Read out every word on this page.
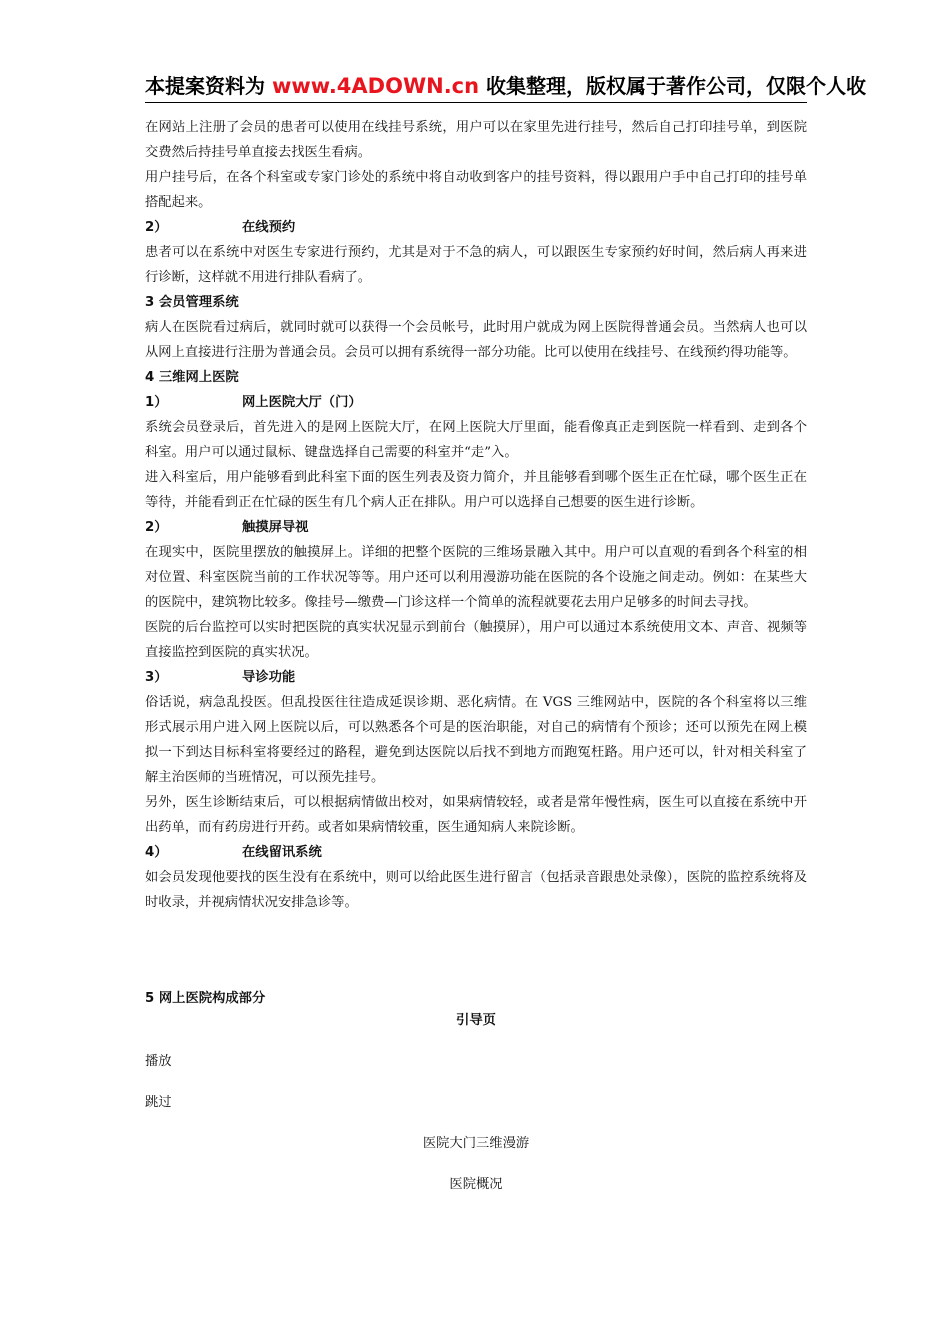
本提案资料为 www.4ADOWN.cn 收集整理，版权属于著作公司，仅限个人收

在网站上注册了会员的患者可以使用在线挂号系统，用户可以在家里先进行挂号，然后自己打印挂号单，到医院交费然后持挂号单直接去找医生看病。

用户挂号后，在各个科室或专家门诊处的系统中将自动收到客户的挂号资料，得以跟用户手中自己打印的挂号单搭配起来。

2）	在线预约

患者可以在系统中对医生专家进行预约，尤其是对于不急的病人，可以跟医生专家预约好时间，然后病人再来进行诊断，这样就不用进行排队看病了。

3 会员管理系统

病人在医院看过病后，就同时就可以获得一个会员帐号，此时用户就成为网上医院得普通会员。当然病人也可以从网上直接进行注册为普通会员。会员可以拥有系统得一部分功能。比可以使用在线挂号、在线预约得功能等。

4 三维网上医院

1）	网上医院大厅（门）

系统会员登录后，首先进入的是网上医院大厅，在网上医院大厅里面，能看像真正走到医院一样看到、走到各个科室。用户可以通过鼠标、键盘选择自己需要的科室并“走”入。

进入科室后，用户能够看到此科室下面的医生列表及资力简介，并且能够看到哪个医生正在忙碌，哪个医生正在等待，并能看到正在忙碌的医生有几个病人正在排队。用户可以选择自己想要的医生进行诊断。

2）	触摸屏导视

在现实中，医院里摆放的触摸屏上。详细的把整个医院的三维场景融入其中。用户可以直观的看到各个科室的相对位置、科室医院当前的工作状况等等。用户还可以利用漫游功能在医院的各个设施之间走动。例如：在某些大的医院中，建筑物比较多。像挂号—缴费—门诊这样一个简单的流程就要花去用户足够多的时间去寻找。

医院的后台监控可以实时把医院的真实状况显示到前台（触摸屏），用户可以通过本系统使用文本、声音、视频等直接监控到医院的真实状况。

3）	导诊功能

俗话说，病急乱投医。但乱投医往往造成延误诊期、恶化病情。在 VGS 三维网站中，医院的各个科室将以三维形式展示用户进入网上医院以后，可以熟悉各个可是的医治职能，对自己的病情有个预诊；还可以预先在网上模拟一下到达目标科室将要经过的路程，避免到达医院以后找不到地方而跑冤枉路。用户还可以，针对相关科室了解主治医师的当班情况，可以预先挂号。

另外，医生诊断结束后，可以根据病情做出校对，如果病情较轻，或者是常年慢性病，医生可以直接在系统中开出药单，而有药房进行开药。或者如果病情较重，医生通知病人来院诊断。

4）	在线留讯系统

如会员发现他要找的医生没有在系统中，则可以给此医生进行留言（包括录音跟患处录像），医院的监控系统将及时收录，并视病情状况安排急诊等。

5 网上医院构成部分
引导页
播放
跳过
医院大门三维漫游
医院概况
